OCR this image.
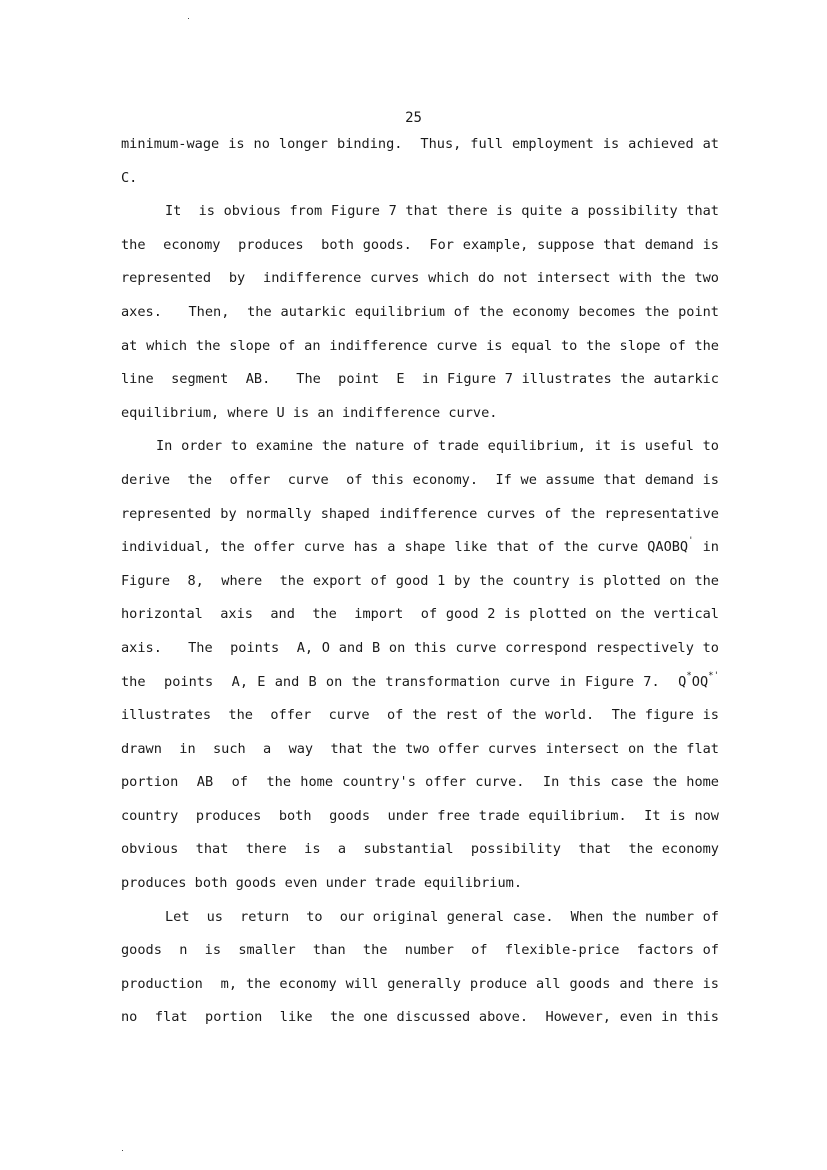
25
minimum-wage is no longer binding.  Thus, full employment is achieved at
C.
It  is obvious from Figure 7 that there is quite a possibility that
the  economy  produces  both goods.  For example, suppose that demand is
represented  by  indifference curves which do not intersect with the two
axes.   Then,  the autarkic equilibrium of the economy becomes the point
at which the slope of an indifference curve is equal to the slope of the
line  segment  AB.   The  point  E  in Figure 7 illustrates the autarkic
equilibrium, where U is an indifference curve.
In order to examine the nature of trade equilibrium, it is useful to
derive  the  offer  curve  of this economy.  If we assume that demand is
represented by normally shaped indifference curves of the representative
individual, the offer curve has a shape like that of the curve QAOBQ' in
Figure  8,  where  the export of good 1 by the country is plotted on the
horizontal  axis  and  the  import  of good 2 is plotted on the vertical
axis.   The  points  A, O and B on this curve correspond respectively to
the  points  A, E and B on the transformation curve in Figure 7.  Q*OQ*'
illustrates  the  offer  curve  of the rest of the world.  The figure is
drawn  in  such  a  way  that the two offer curves intersect on the flat
portion  AB  of  the home country's offer curve.  In this case the home
country  produces  both  goods  under free trade equilibrium.  It is now
obvious  that  there  is  a  substantial  possibility  that  the economy
produces both goods even under trade equilibrium.
Let  us  return  to  our original general case.  When the number of
goods  n  is  smaller  than  the  number  of  flexible-price  factors of
production  m, the economy will generally produce all goods and there is
no  flat  portion  like  the one discussed above.  However, even in this
